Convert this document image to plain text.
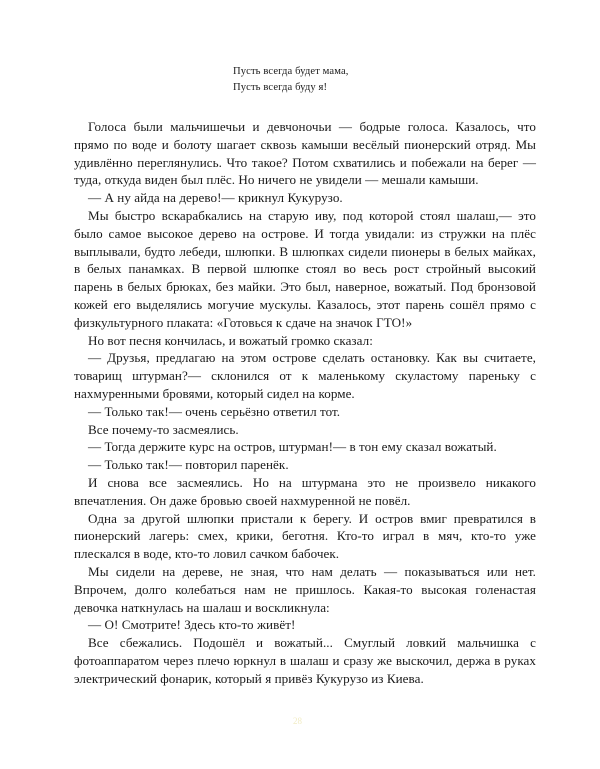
Пусть всегда будет мама,
Пусть всегда буду я!

Голоса были мальчишечьи и девчоночьи — бодрые голоса. Казалось, что прямо по воде и болоту шагает сквозь камыши весёлый пионерский отряд. Мы удивлённо переглянулись. Что такое? Потом схватились и побежали на берег — туда, откуда виден был плёс. Но ничего не увидели — мешали камыши.

— А ну айда на дерево!— крикнул Кукурузо.

Мы быстро вскарабкались на старую иву, под которой стоял шалаш,— это было самое высокое дерево на острове. И тогда увидали: из стружки на плёс выплывали, будто лебеди, шлюпки. В шлюпках сидели пионеры в белых майках, в белых панамках. В первой шлюпке стоял во весь рост стройный высокий парень в белых брюках, без майки. Это был, наверное, вожатый. Под бронзовой кожей его выделялись могучие мускулы. Казалось, этот парень сошёл прямо с физкультурного плаката: «Готовься к сдаче на значок ГТО!»

Но вот песня кончилась, и вожатый громко сказал:

— Друзья, предлагаю на этом острове сделать остановку. Как вы считаете, товарищ штурман?— склонился от к маленькому скуластому пареньку с нахмуренными бровями, который сидел на корме.

— Только так!— очень серьёзно ответил тот.

Все почему-то засмеялись.

— Тогда держите курс на остров, штурман!— в тон ему сказал вожатый.

— Только так!— повторил паренёк.

И снова все засмеялись. Но на штурмана это не произвело никакого впечатления. Он даже бровью своей нахмуренной не повёл.

Одна за другой шлюпки пристали к берегу. И остров вмиг превратился в пионерский лагерь: смех, крики, беготня. Кто-то играл в мяч, кто-то уже плескался в воде, кто-то ловил сачком бабочек.

Мы сидели на дереве, не зная, что нам делать — показываться или нет. Впрочем, долго колебаться нам не пришлось. Какая-то высокая голенастая девочка наткнулась на шалаш и воскликнула:

— О! Смотрите! Здесь кто-то живёт!

Все сбежались. Подошёл и вожатый... Смуглый ловкий мальчишка с фотоаппаратом через плечо юркнул в шалаш и сразу же выскочил, держа в руках электрический фонарик, который я привёз Кукурузо из Киева.

28
